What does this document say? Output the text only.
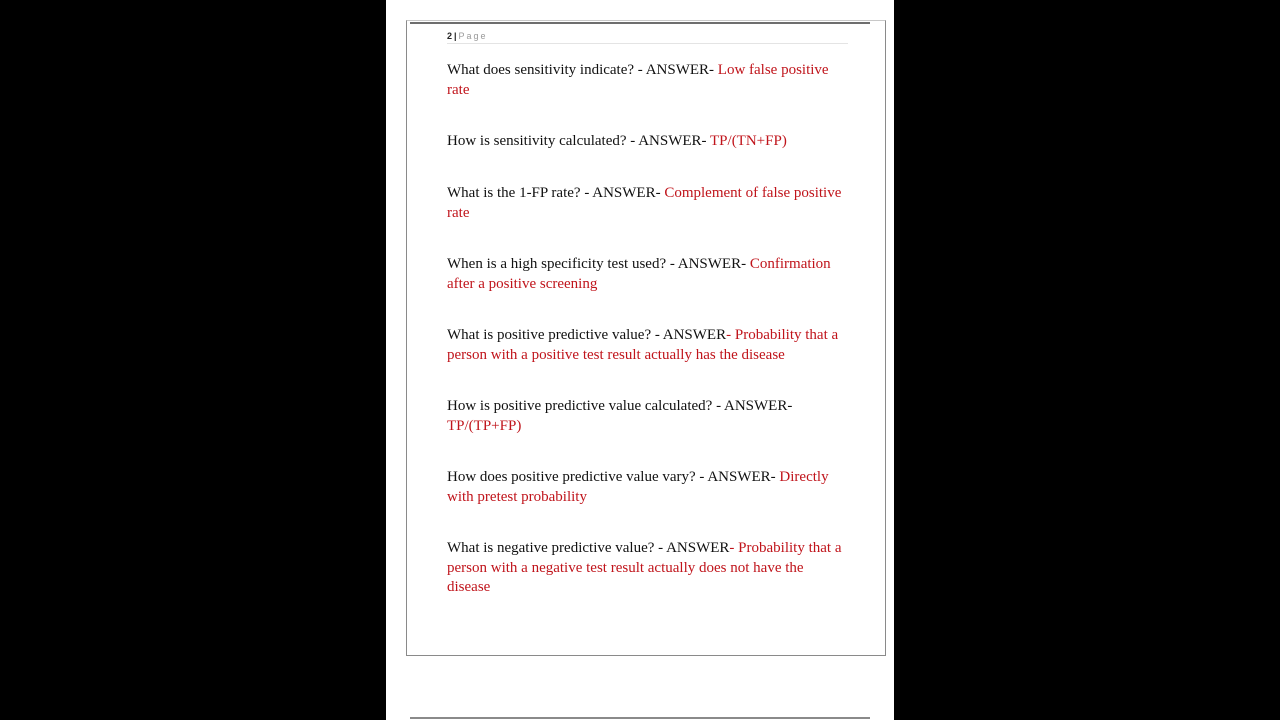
2 | Page
What does sensitivity indicate? - ANSWER- Low false positive rate
How is sensitivity calculated? - ANSWER- TP/(TN+FP)
What is the 1-FP rate? - ANSWER- Complement of false positive rate
When is a high specificity test used? - ANSWER- Confirmation after a positive screening
What is positive predictive value? - ANSWER- Probability that a person with a positive test result actually has the disease
How is positive predictive value calculated? - ANSWER- TP/(TP+FP)
How does positive predictive value vary? - ANSWER- Directly with pretest probability
What is negative predictive value? - ANSWER- Probability that a person with a negative test result actually does not have the disease
